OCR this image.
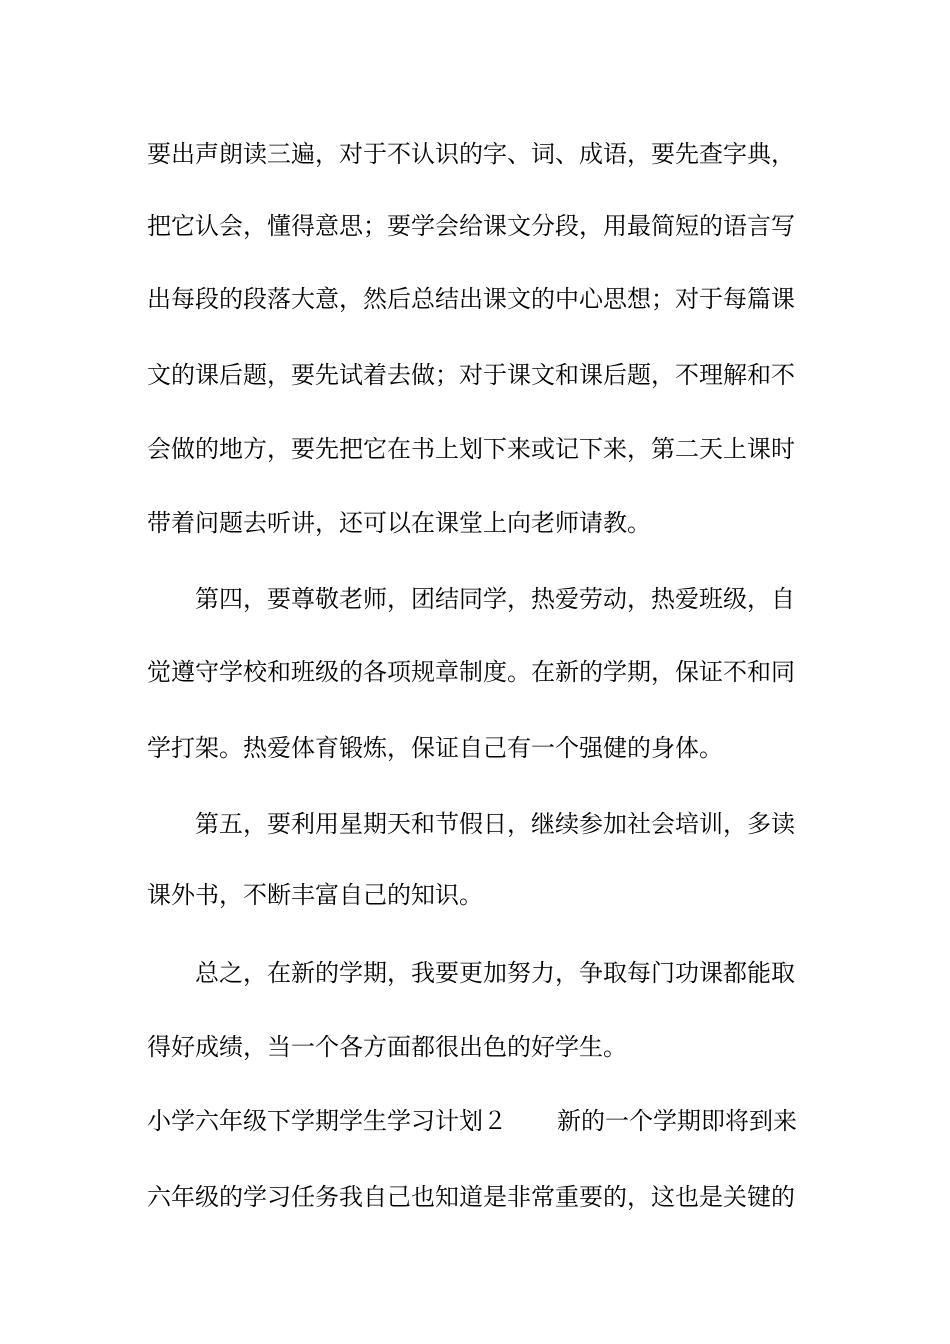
要出声朗读三遍，对于不认识的字、词、成语，要先查字典，
把它认会，懂得意思；要学会给课文分段，用最简短的语言写
出每段的段落大意，然后总结出课文的中心思想；对于每篇课
文的课后题，要先试着去做；对于课文和课后题，不理解和不
会做的地方，要先把它在书上划下来或记下来，第二天上课时
带着问题去听讲，还可以在课堂上向老师请教。
第四，要尊敬老师，团结同学，热爱劳动，热爱班级，自
觉遵守学校和班级的各项规章制度。在新的学期，保证不和同
学打架。热爱体育锻炼，保证自己有一个强健的身体。
第五，要利用星期天和节假日，继续参加社会培训，多读
课外书，不断丰富自己的知识。
总之，在新的学期，我要更加努力，争取每门功课都能取
得好成绩，当一个各方面都很出色的好学生。
小学六年级下学期学生学习计划２ 新的一个学期即将到来
六年级的学习任务我自己也知道是非常重要的，这也是关键的
